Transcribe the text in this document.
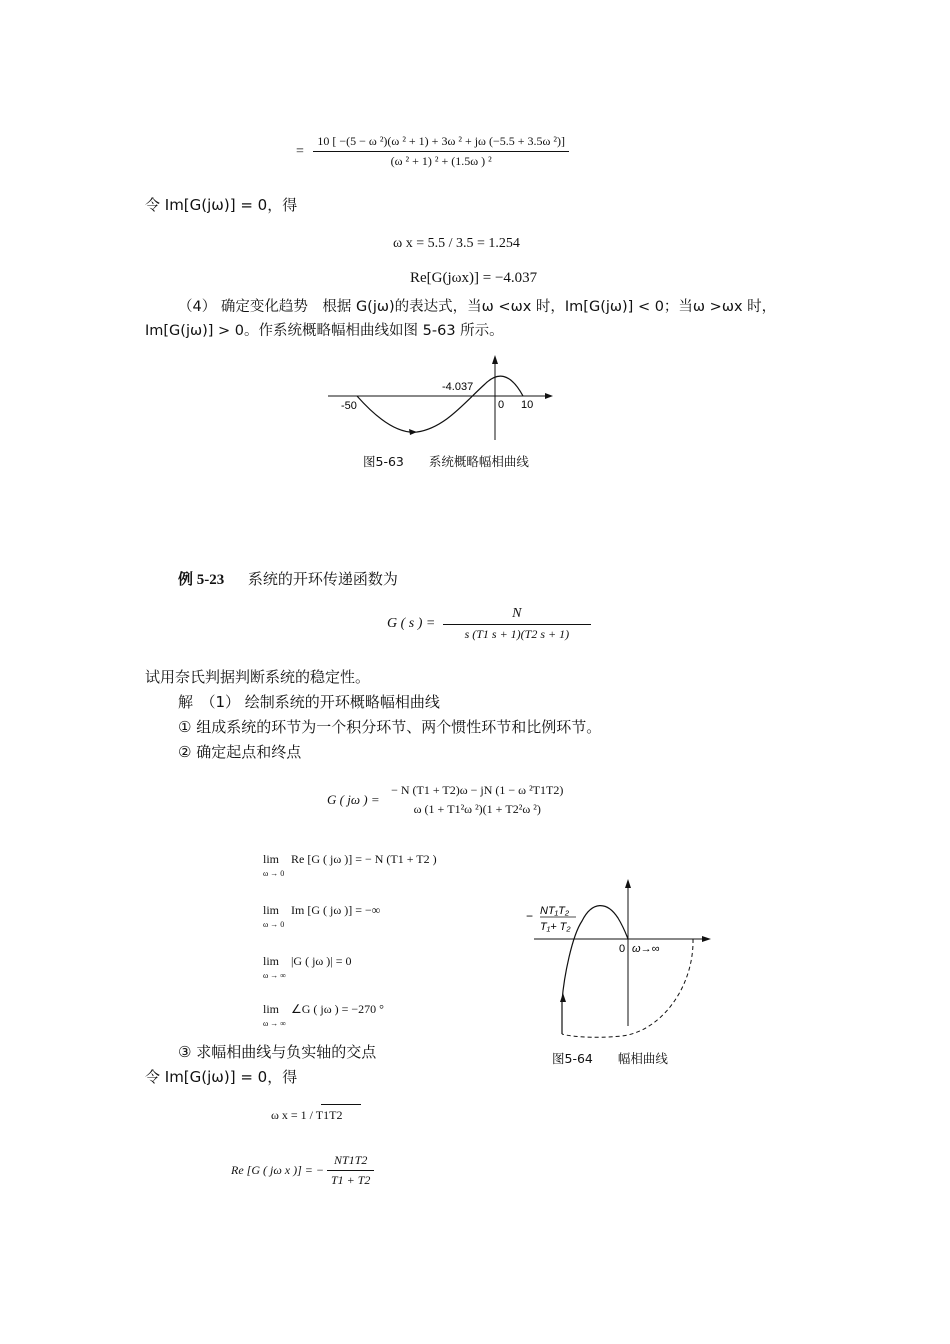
= $\frac{\text{10 [ −(5 − ω ²)(ω ² + 1) + 3ω ² + jω (−5.5 + 3.5ω ²)]}}{\text{(ω ² + 1) ² + (1.5ω ) ²}}$
令 Im[G(jω)] = 0，得
ω x = 5.5 / 3.5 = 1.254
Re[G(jωx)] = −4.037
（4） 确定变化趋势　根据 G(jω)的表达式，当ω <ωx 时，Im[G(jω)] < 0；当ω >ωx 时，
Im[G(jω)] > 0。作系统概略幅相曲线如图 5-63 所示。
-4.037
-50	0 10
图5-63　　系统概略幅相曲线
例 5-23 系统的开环传递函数为
G ( s ) = $\frac{N}{s (T1 s + 1)(T2 s + 1)}$
试用奈氏判据判断系统的稳定性。
解　（1） 绘制系统的开环概略幅相曲线
① 组成系统的环节为一个积分环节、两个惯性环节和比例环节。
② 确定起点和终点
G ( jω ) =
− N (T1 + T2)ω − jN (1 − ω ²T1T2)
ω (1 + T1²ω ²)(1 + T2²ω ²)
lim
ω → 0
Re [G ( jω )] = − N (T1 + T2 )
lim
ω → 0
Im [G ( jω )] = −∞
lim
ω → ∞
|G ( jω )| = 0
lim
ω → ∞
∠G ( jω ) = −270 °
− NT₁T₂
T₁+ T₂
0 ω→∞
图5-64　　幅相曲线
③ 求幅相曲线与负实轴的交点
令 Im[G(jω)] = 0，得
ω x = 1 / T1T2
Re [G ( jω x )] = − $\frac{NT1T2}{T1 + T2}$
